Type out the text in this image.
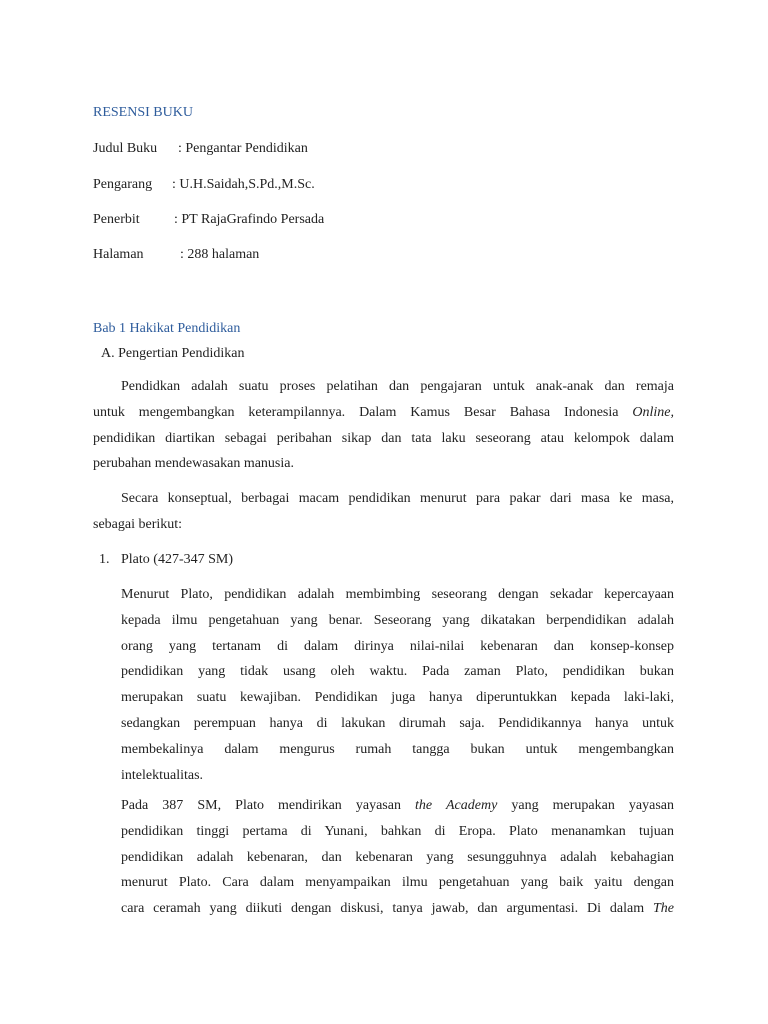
RESENSI BUKU
Judul Buku : Pengantar Pendidikan
Pengarang : U.H.Saidah,S.Pd.,M.Sc.
Penerbit : PT RajaGrafindo Persada
Halaman	: 288 halaman
Bab 1 Hakikat Pendidikan
A. Pengertian Pendidikan
Pendidkan adalah suatu proses pelatihan dan pengajaran untuk anak-anak dan remaja
untuk mengembangkan keterampilannya. Dalam Kamus Besar Bahasa Indonesia Online,
pendidikan diartikan sebagai peribahan sikap dan tata laku seseorang atau kelompok dalam
perubahan mendewasakan manusia.
Secara konseptual, berbagai macam pendidikan menurut para pakar dari masa ke masa,
sebagai berikut:
1. Plato (427-347 SM)
Menurut Plato, pendidikan adalah membimbing seseorang dengan sekadar kepercayaan
kepada ilmu pengetahuan yang benar. Seseorang yang dikatakan berpendidikan adalah
orang yang tertanam di dalam dirinya nilai-nilai kebenaran dan konsep-konsep
pendidikan yang tidak usang oleh waktu. Pada zaman Plato, pendidikan bukan
merupakan suatu kewajiban. Pendidikan juga hanya diperuntukkan kepada laki-laki,
sedangkan perempuan hanya di lakukan dirumah saja. Pendidikannya hanya untuk
membekalinya dalam mengurus rumah tangga bukan untuk mengembangkan
intelektualitas.
Pada 387 SM, Plato mendirikan yayasan the Academy yang merupakan yayasan
pendidikan tinggi pertama di Yunani, bahkan di Eropa. Plato menanamkan tujuan
pendidikan adalah kebenaran, dan kebenaran yang sesungguhnya adalah kebahagian
menurut Plato. Cara dalam menyampaikan ilmu pengetahuan yang baik yaitu dengan
cara ceramah yang diikuti dengan diskusi, tanya jawab, dan argumentasi. Di dalam The
